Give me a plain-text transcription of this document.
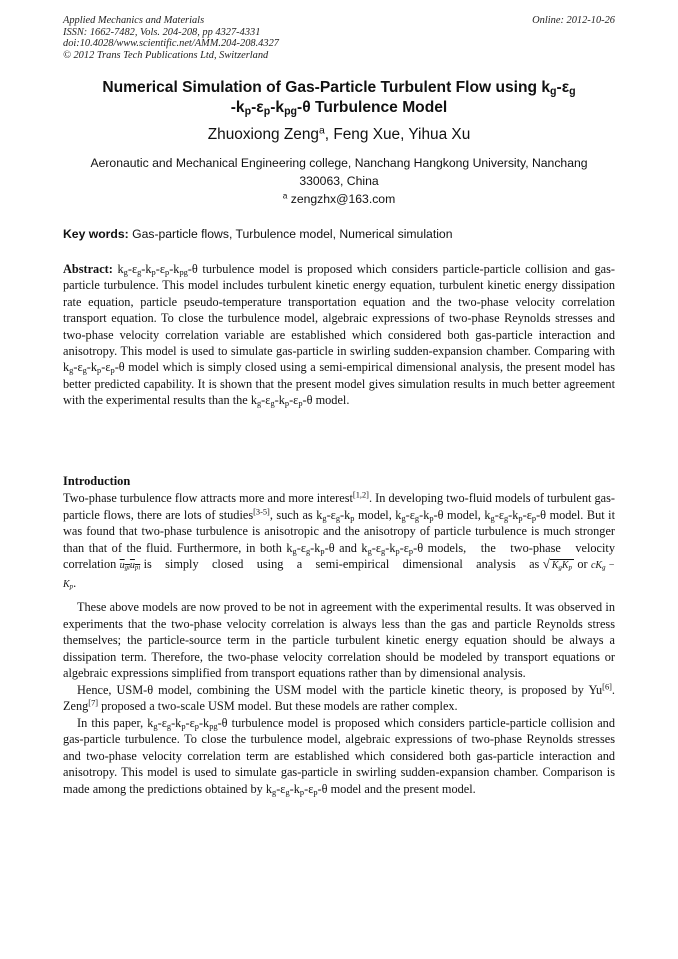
Applied Mechanics and Materials
ISSN: 1662-7482, Vols. 204-208, pp 4327-4331
doi:10.4028/www.scientific.net/AMM.204-208.4327
© 2012 Trans Tech Publications Ltd, Switzerland
Online: 2012-10-26
Numerical Simulation of Gas-Particle Turbulent Flow using $k_g-\varepsilon_g$
$-k_p-\varepsilon_p-k_{pg}-\theta$ Turbulence Model
Zhuoxiong Zeng$^a$, Feng Xue, Yihua Xu
Aeronautic and Mechanical Engineering college, Nanchang Hangkong University, Nanchang
330063, China
$^a$ zengzhx@163.com
Key words: Gas-particle flows, Turbulence model, Numerical simulation
Abstract: $k_g-\varepsilon_g-k_p-\varepsilon_p-k_{pg}-\theta$ turbulence model is proposed which considers particle-particle collision and gas-particle turbulence. This model includes turbulent kinetic energy equation, turbulent kinetic energy dissipation rate equation, particle pseudo-temperature transportation equation and the two-phase velocity correlation transport equation. To close the turbulence model, algebraic expressions of two-phase Reynolds stresses and two-phase velocity correlation variable are established which considered both gas-particle interaction and anisotropy. This model is used to simulate gas-particle in swirling sudden-expansion chamber. Comparing with $k_g-\varepsilon_g-k_p-\varepsilon_p-\theta$ model which is simply closed using a semi-empirical dimensional analysis, the present model has better predicted capability. It is shown that the present model gives simulation results in much better agreement with the experimental results than the $k_g-\varepsilon_g-k_p-\varepsilon_p-\theta$ model.
Introduction

Two-phase turbulence flow attracts more and more interest[1,2]. In developing two-fluid models of turbulent gas-particle flows, there are lots of studies[3-5], such as $k_g-\varepsilon_g-k_p$ model, $k_g-\varepsilon_g-k_p-\theta$ model, $k_g-\varepsilon_g-k_p-\varepsilon_p-\theta$ model. But it was found that two-phase turbulence is anisotropic and the anisotropy of particle turbulence is much stronger than that of the fluid. Furthermore, in both $k_g-\varepsilon_g-k_p-\theta$ and $k_g-\varepsilon_g-k_p-\varepsilon_p-\theta$ models, the two-phase velocity correlation $u_{gi}u_{pi}$ is simply closed using a semi-empirical dimensional analysis as √ $K_gK_p$ or $cK_g - K_p$.

These above models are now proved to be not in agreement with the experimental results. It was observed in experiments that the two-phase velocity correlation is always less than the gas and particle Reynolds stress themselves; the particle-source term in the particle turbulent kinetic energy equation should be always a dissipation term. Therefore, the two-phase velocity correlation should be modeled by transport equations or algebraic expressions simplified from transport equations rather than by dimensional analysis.

Hence, USM-θ model, combining the USM model with the particle kinetic theory, is proposed by Yu[6]. Zeng[7] proposed a two-scale USM model. But these models are rather complex.

In this paper, $k_g-\varepsilon_g-k_p-\varepsilon_p-k_{pg}-\theta$ turbulence model is proposed which considers particle-particle collision and gas-particle turbulence. To close the turbulence model, algebraic expressions of two-phase Reynolds stresses and two-phase velocity correlation term are established which considered both gas-particle interaction and anisotropy. This model is used to simulate gas-particle in swirling sudden-expansion chamber. Comparison is made among the predictions obtained by $k_g-\varepsilon_g-k_p-\varepsilon_p-\theta$ model and the present model.
